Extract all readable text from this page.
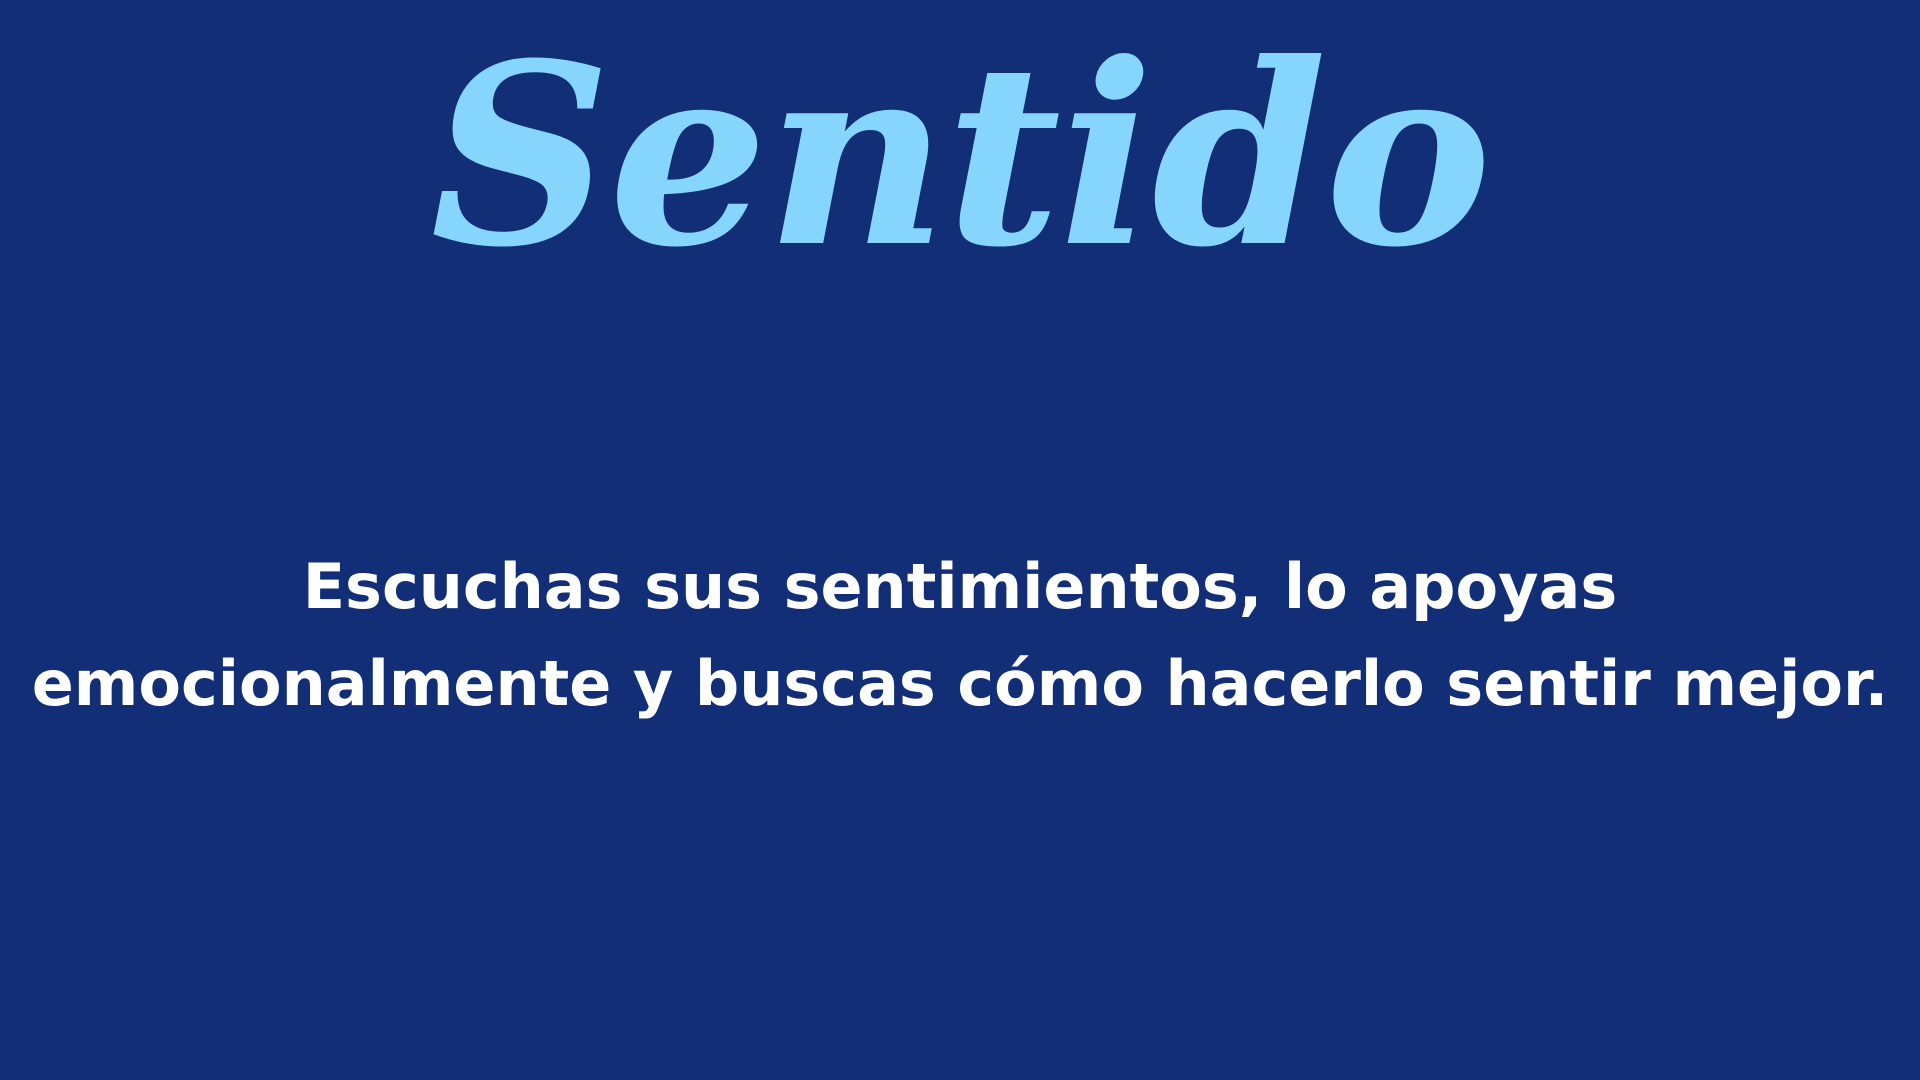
Sentido
Escuchas sus sentimientos, lo apoyas emocionalmente y buscas cómo hacerlo sentir mejor.
